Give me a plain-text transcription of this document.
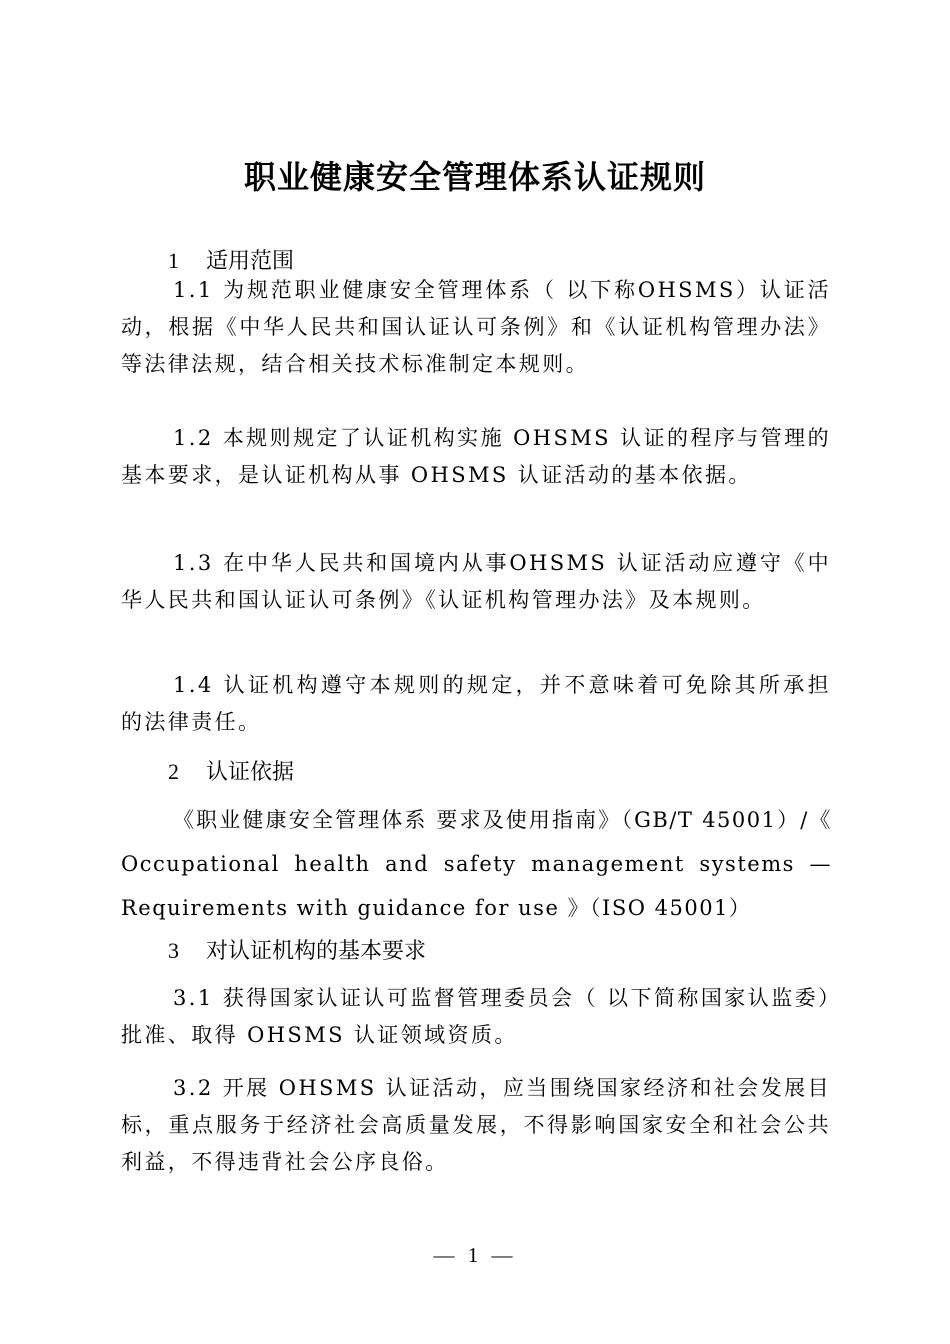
职业健康安全管理体系认证规则
1 适用范围

1.1 为规范职业健康安全管理体系（ 以下称OHSMS）认证活动，根据《中华人民共和国认证认可条例》和《认证机构管理办法》等法律法规，结合相关技术标准制定本规则。

1.2 本规则规定了认证机构实施 OHSMS 认证的程序与管理的基本要求，是认证机构从事 OHSMS 认证活动的基本依据。

1.3 在中华人民共和国境内从事OHSMS 认证活动应遵守《中华人民共和国认证认可条例》《认证机构管理办法》及本规则。

1.4 认证机构遵守本规则的规定，并不意味着可免除其所承担的法律责任。

2 认证依据

《职业健康安全管理体系 要求及使用指南》（GB/T 45001）/《 Occupational health and safety management systems — Requirements with guidance for use 》（ISO 45001）

3 对认证机构的基本要求

3.1 获得国家认证认可监督管理委员会（ 以下简称国家认监委）批准、取得 OHSMS 认证领域资质。

3.2 开展 OHSMS 认证活动，应当围绕国家经济和社会发展目标，重点服务于经济社会高质量发展，不得影响国家安全和社会公共利益，不得违背社会公序良俗。

— 1 —
